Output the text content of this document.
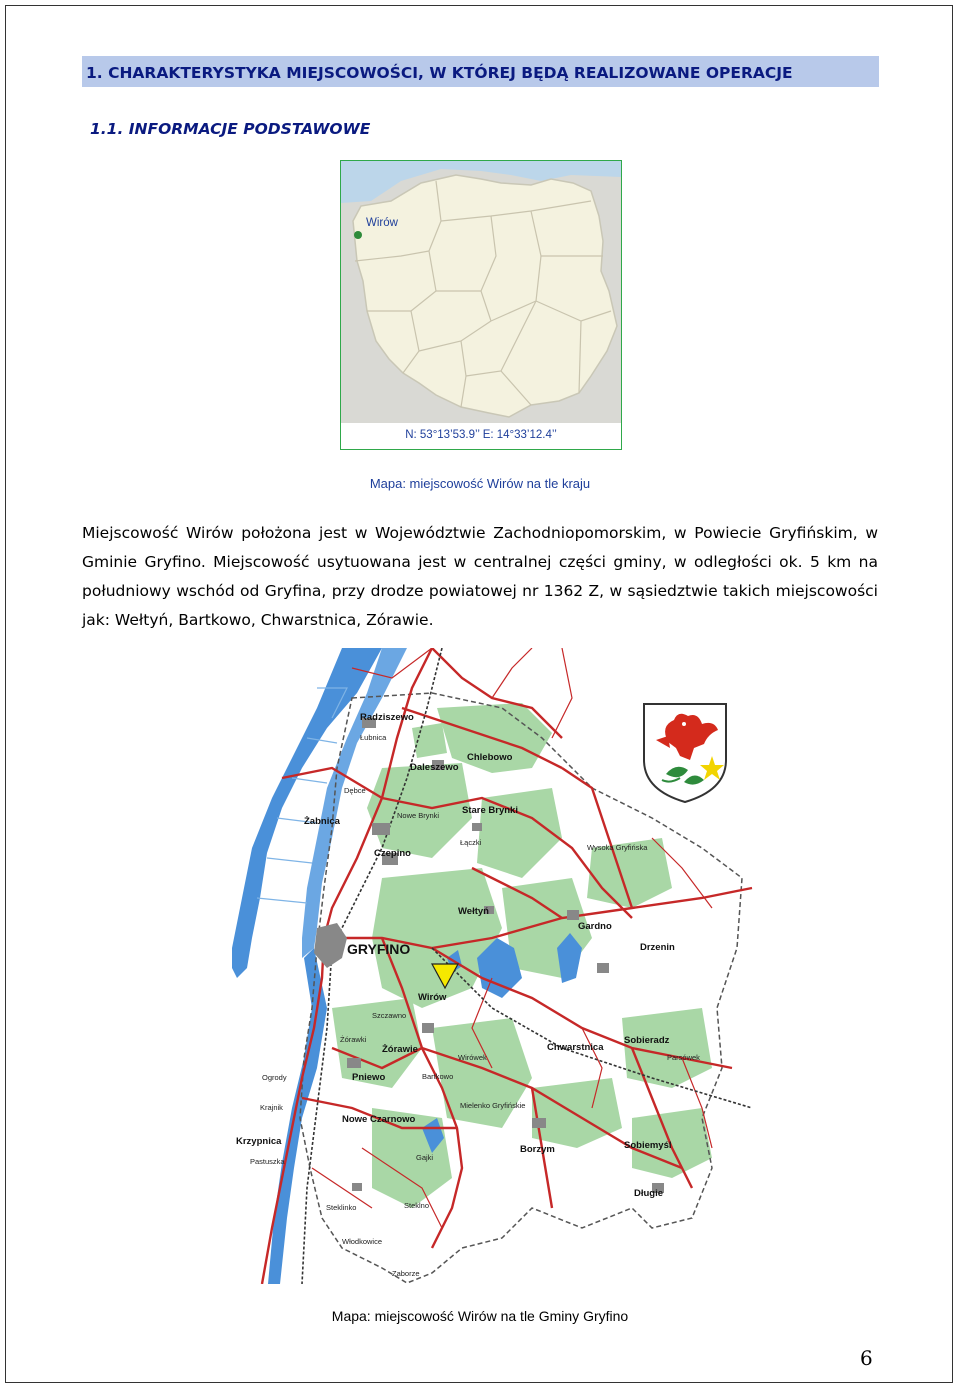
1. CHARAKTERYSTYKA MIEJSCOWOŚCI, W KTÓREJ BĘDĄ REALIZOWANE OPERACJE
1.1. INFORMACJE PODSTAWOWE
N: 53°13’53.9’’ E: 14°33’12.4’’
Wirów
Mapa: miejscowość Wirów na tle kraju
Miejscowość Wirów położona jest w Województwie Zachodniopomorskim, w Powiecie Gryfińskim, w Gminie Gryfino. Miejscowość usytuowana jest w centralnej części gminy, w odległości ok. 5 km na południowy wschód od Gryfina, przy drodze powiatowej nr 1362 Z, w sąsiedztwie takich miejscowości jak: Wełtyń, Bartkowo, Chwarstnica, Zórawie.
Radziszewo
Łubnica
Chlebowo
Daleszewo
Dębce
Żabnica
Nowe Brynki Stare Brynki
Łączki
Czepino
Wysoka Gryfińska
Wełtyń
Gardno
GRYFINO	Drzenin
Wirów
Szczawno
Żórawki
Żórawie
Sobieradz
Chwarstnica
Wirówek	Parsówek
Ogrody	Pniewo	Bartkowo
Krajnik	Mielenko Gryfińskie
Nowe Czarnowo
Borzym
Krzypnica	Sobiemyśl
Pastuszka	Gajki
Steklinko	Steklno
Długie
Włodkowice
Zaborze
Mapa: miejscowość Wirów na tle Gminy Gryfino
6
